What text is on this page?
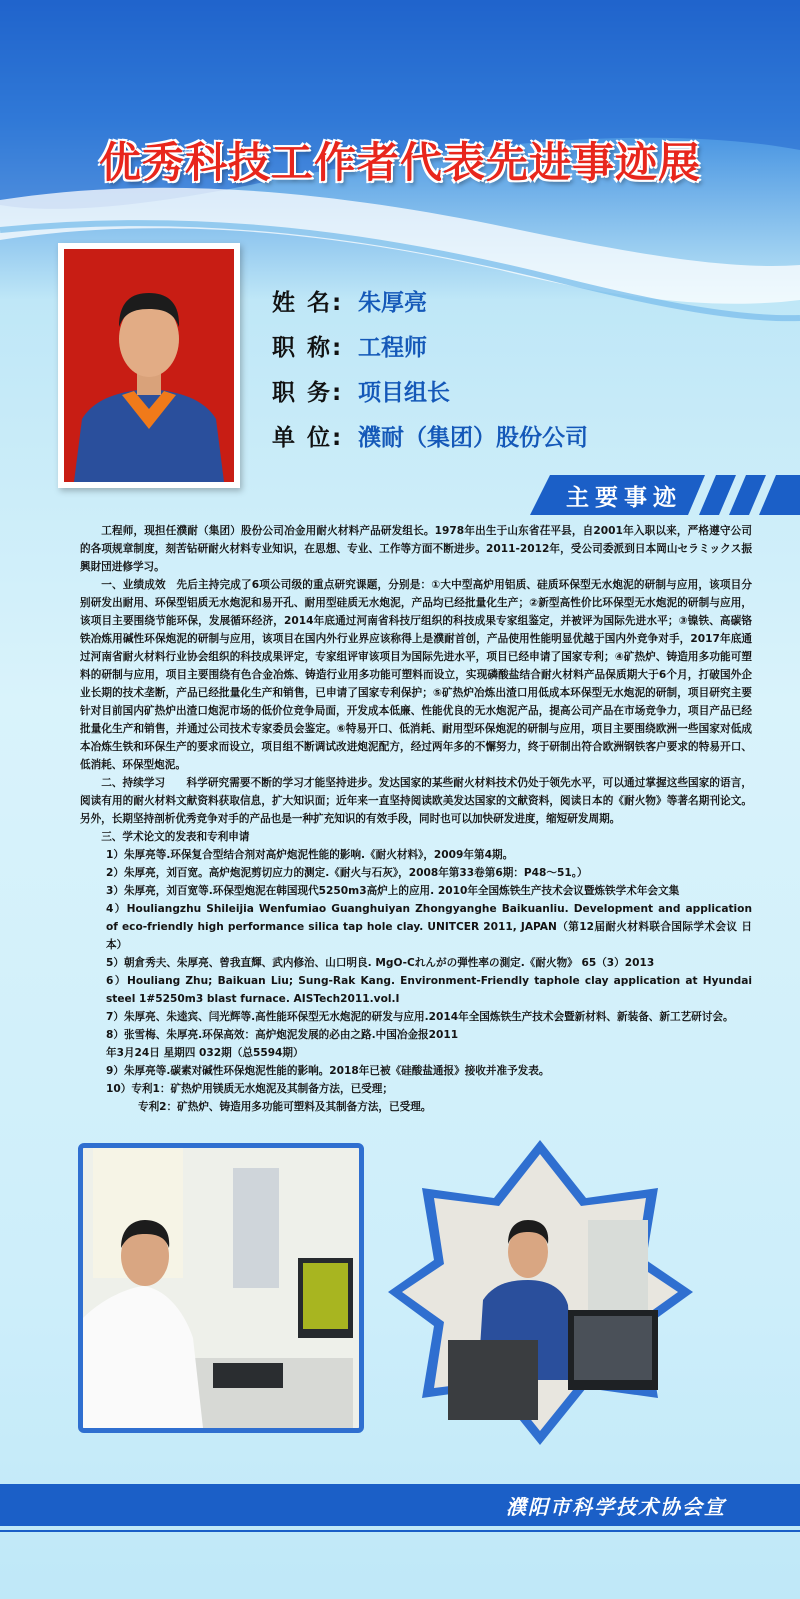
优秀科技工作者代表先进事迹展
姓 名: 朱厚亮
职 称: 工程师
职 务: 项目组长
单 位: 濮耐（集团）股份公司
主要事迹

工程师，现担任濮耐（集团）股份公司冶金用耐火材料产品研发组长。1978年出生于山东省茌平县，自2001年入职以来，严格遵守公司的各项规章制度，刻苦钻研耐火材料专业知识，在思想、专业、工作等方面不断进步。2011-2012年，受公司委派到日本岡山セラミックス振興財団进修学习。

一、业绩成效　先后主持完成了6项公司级的重点研究课题，分别是：①大中型高炉用铝质、硅质环保型无水炮泥的研制与应用，该项目分别研发出耐用、环保型铝质无水炮泥和易开孔、耐用型硅质无水炮泥，产品均已经批量化生产；②新型高性价比环保型无水炮泥的研制与应用，该项目主要围绕节能环保，发展循环经济，2014年底通过河南省科技厅组织的科技成果专家组鉴定，并被评为国际先进水平；③镍铁、高碳铬铁冶炼用碱性环保炮泥的研制与应用，该项目在国内外行业界应该称得上是濮耐首创，产品使用性能明显优越于国内外竞争对手，2017年底通过河南省耐火材料行业协会组织的科技成果评定，专家组评审该项目为国际先进水平，项目已经申请了国家专利；④矿热炉、铸造用多功能可塑料的研制与应用，项目主要围绕有色合金冶炼、铸造行业用多功能可塑料而设立，实现磷酸盐结合耐火材料产品保质期大于6个月，打破国外企业长期的技术垄断，产品已经批量化生产和销售，已申请了国家专利保护；⑤矿热炉冶炼出渣口用低成本环保型无水炮泥的研制，项目研究主要针对目前国内矿热炉出渣口炮泥市场的低价位竞争局面，开发成本低廉、性能优良的无水炮泥产品，提高公司产品在市场竞争力，项目产品已经批量化生产和销售，并通过公司技术专家委员会鉴定。⑥特易开口、低消耗、耐用型环保炮泥的研制与应用，项目主要围绕欧洲一些国家对低成本冶炼生铁和环保生产的要求而设立，项目组不断调试改进炮泥配方，经过两年多的不懈努力，终于研制出符合欧洲钢铁客户要求的特易开口、低消耗、环保型炮泥。

二、持续学习　　科学研究需要不断的学习才能坚持进步。发达国家的某些耐火材料技术仍处于领先水平，可以通过掌握这些国家的语言，阅读有用的耐火材料文献资料获取信息，扩大知识面；近年来一直坚持阅读欧美发达国家的文献资料，阅读日本的《耐火物》等著名期刊论文。另外，长期坚持剖析优秀竞争对手的产品也是一种扩充知识的有效手段，同时也可以加快研发进度，缩短研发周期。

三、学术论文的发表和专利申请

1）朱厚亮等.环保复合型结合剂对高炉炮泥性能的影响.《耐火材料》，2009年第4期。

2）朱厚亮，刘百宽。高炉炮泥剪切应力的测定.《耐火与石灰》，2008年第33卷第6期：P48～51。）

3）朱厚亮，刘百宽等.环保型炮泥在韩国现代5250m3高炉上的应用. 2010年全国炼铁生产技术会议暨炼铁学术年会文集

4）Houliangzhu Shileijia Wenfumiao Guanghuiyan Zhongyanghe Baikuanliu. Development and application of eco-friendly high performance silica tap hole clay. UNITCER 2011, JAPAN（第12届耐火材料联合国际学术会议 日本）

5）朝倉秀夫、朱厚亮、曾我直輝、武内修治、山口明良. MgO-Cれんがの弾性率の測定.《耐火物》 65（3）2013

6）Houliang Zhu; Baikuan Liu; Sung-Rak Kang. Environment-Friendly taphole clay application at Hyundai steel 1#5250m3 blast furnace. AISTech2011.vol.Ⅰ

7）朱厚亮、朱逵宾、闫光辉等.高性能环保型无水炮泥的研发与应用.2014年全国炼铁生产技术会暨新材料、新装备、新工艺研讨会。

8）张雪梅、朱厚亮.环保高效：高炉炮泥发展的必由之路.中国冶金报2011

年3月24日 星期四 032期（总5594期）

9）朱厚亮等.碳素对碱性环保炮泥性能的影响。2018年已被《硅酸盐通报》接收并准予发表。

10）专利1：矿热炉用镁质无水炮泥及其制备方法，已受理；

专利2：矿热炉、铸造用多功能可塑料及其制备方法，已受理。

濮阳市科学技术协会宣
